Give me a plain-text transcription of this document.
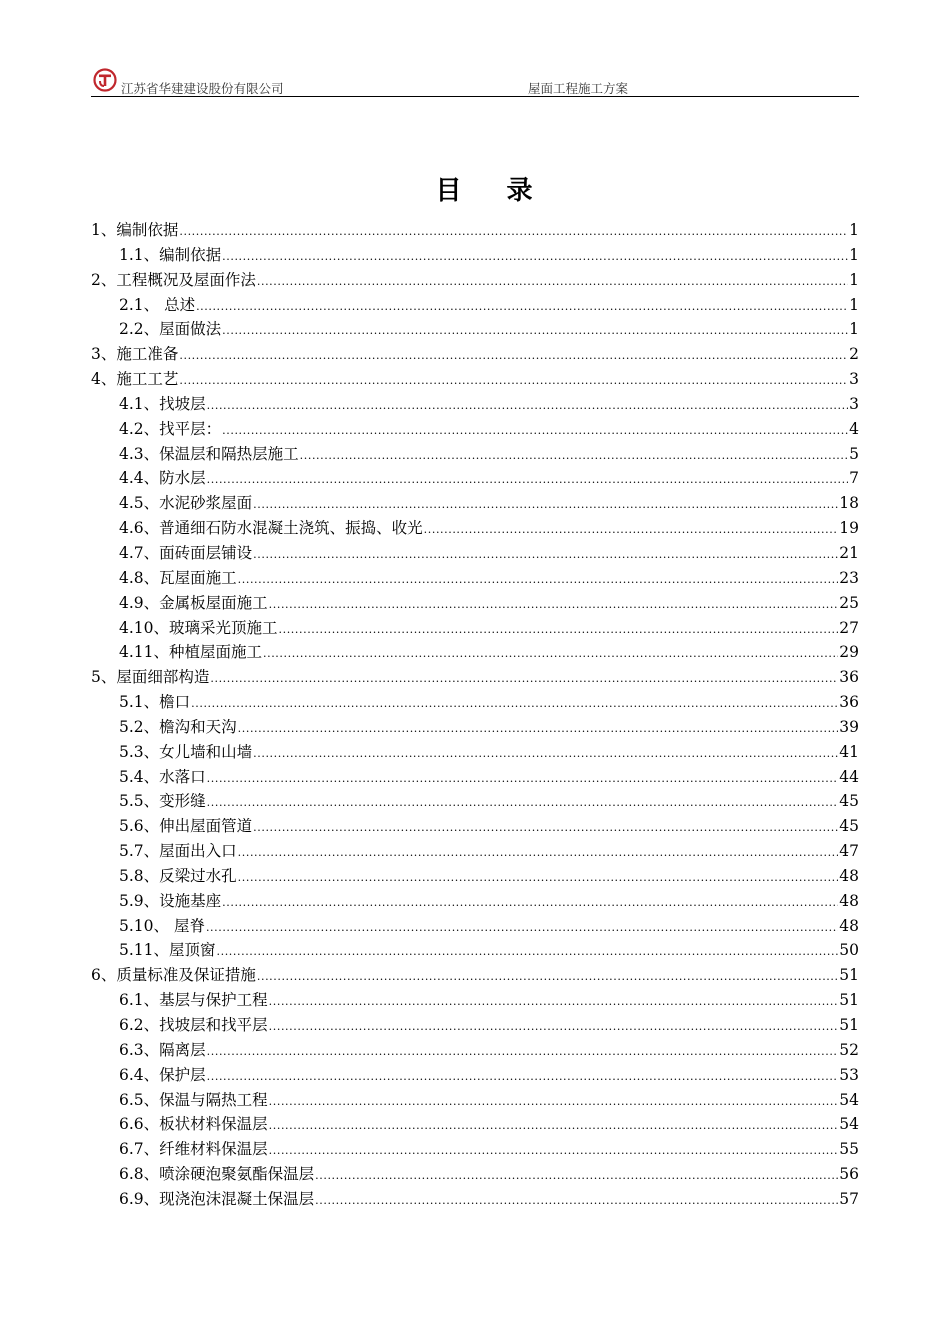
江苏省华建建设股份有限公司	屋面工程施工方案
目 录
1、编制依据 .....	1
1.1、编制依据 .....	1
2、工程概况及屋面作法 .....	1
2.1、 总述 .....	1
2.2、屋面做法 .....	1
3、施工准备 .....	2
4、施工工艺 .....	3
4.1、找坡层 .....	3
4.2、找平层： .....	4
4.3、保温层和隔热层施工 .....	5
4.4、防水层 .....	7
4.5、水泥砂浆屋面 .....	18
4.6、普通细石防水混凝土浇筑、振捣、收光 .....	19
4.7、面砖面层铺设 .....	21
4.8、瓦屋面施工 .....	23
4.9、金属板屋面施工 .....	25
4.10、玻璃采光顶施工 .....	27
4.11、种植屋面施工 .....	29
5、屋面细部构造 .....	36
5.1、檐口 .....	36
5.2、檐沟和天沟 .....	39
5.3、女儿墙和山墙 .....	41
5.4、水落口 .....	44
5.5、变形缝 .....	45
5.6、伸出屋面管道 .....	45
5.7、屋面出入口 .....	47
5.8、反梁过水孔 .....	48
5.9、设施基座 .....	48
5.10、 屋脊 .....	48
5.11、屋顶窗 .....	50
6、质量标准及保证措施 .....	51
6.1、基层与保护工程 .....	51
6.2、找坡层和找平层 .....	51
6.3、隔离层 .....	52
6.4、保护层 .....	53
6.5、保温与隔热工程 .....	54
6.6、板状材料保温层 .....	54
6.7、纤维材料保温层 .....	55
6.8、喷涂硬泡聚氨酯保温层 .....	56
6.9、现浇泡沫混凝土保温层 .....	57
